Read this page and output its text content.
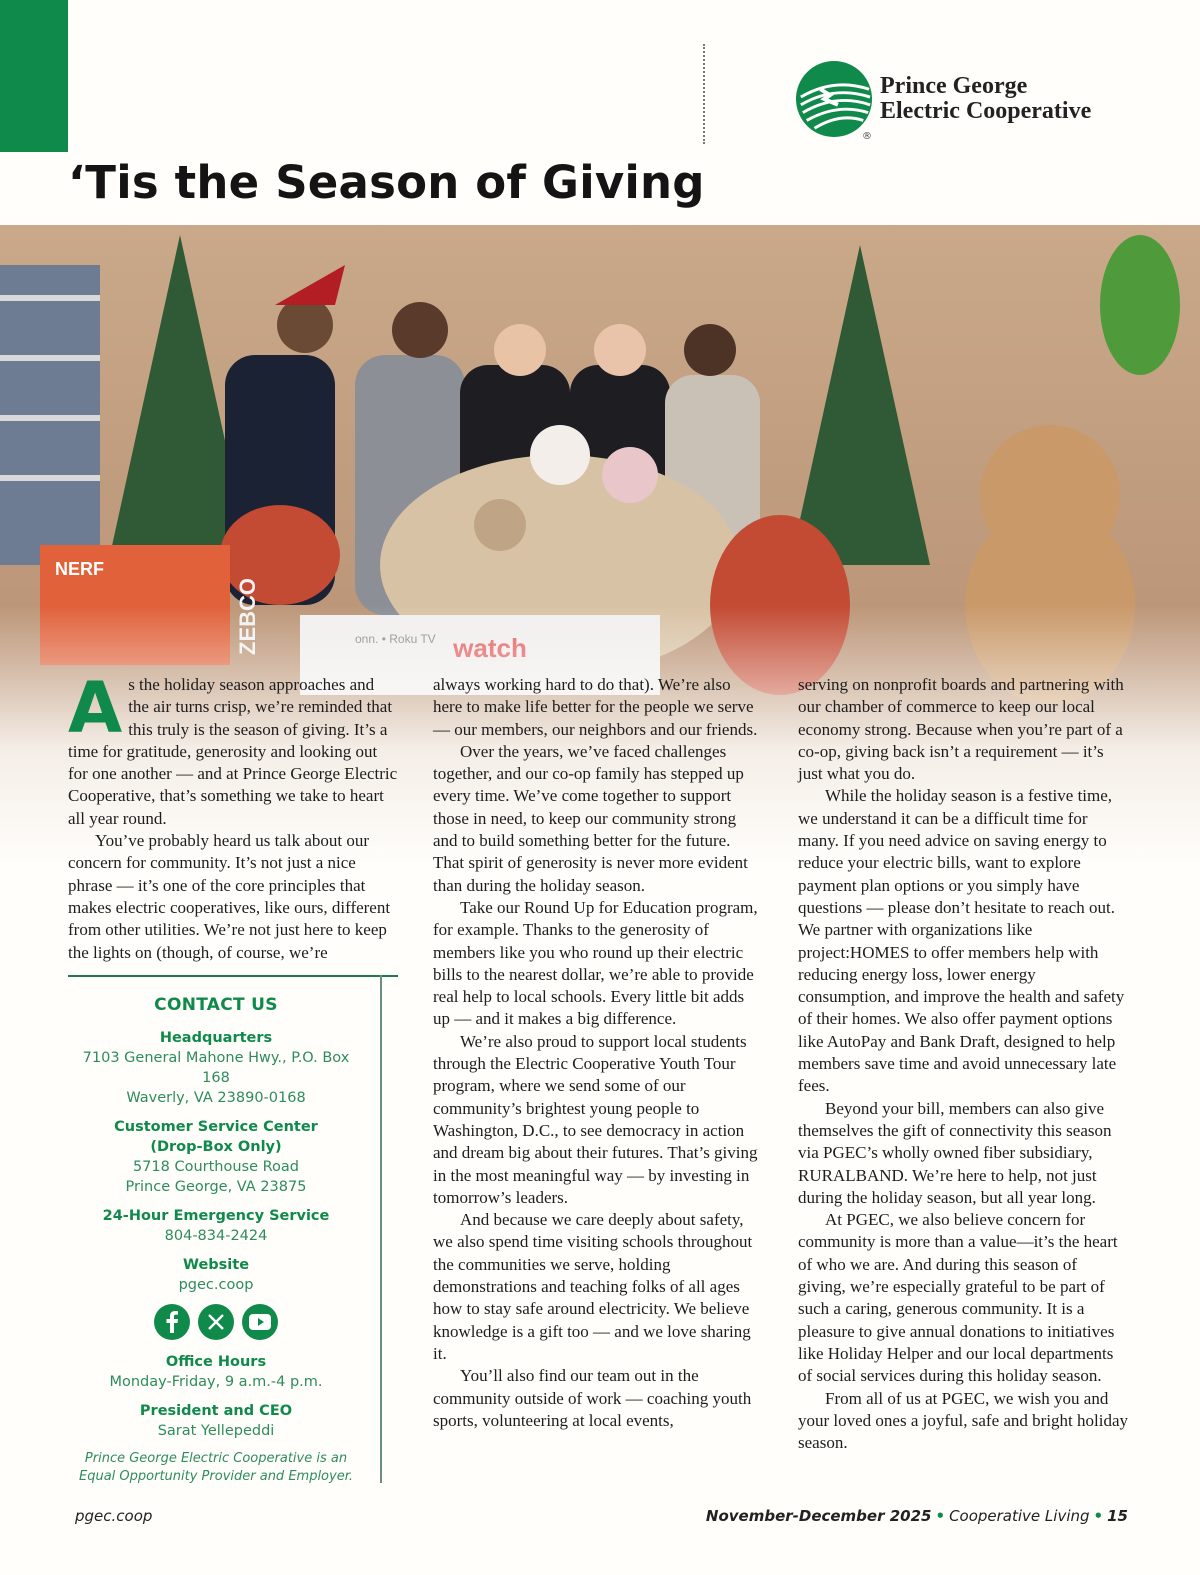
Prince George
Electric Cooperative
®
‘Tis the Season of Giving
NERF
A s the holiday season approaches and the air turns crisp, we’re reminded that this truly is the season of giving. It’s a time for gratitude, generosity and looking out for one another — and at Prince George Electric Cooperative, that’s something we take to heart all year round.

You’ve probably heard us talk about our concern for community. It’s not just a nice phrase — it’s one of the core principles that makes electric cooperatives, like ours, different from other utilities. We’re not just here to keep the lights on (though, of course, we’re

always working hard to do that). We’re also here to make life better for the people we serve — our members, our neighbors and our friends.

Over the years, we’ve faced challenges together, and our co-op family has stepped up every time. We’ve come together to support those in need, to keep our community strong and to build something better for the future. That spirit of generosity is never more evident than during the holiday season.

Take our Round Up for Education program, for example. Thanks to the generosity of members like you who round up their electric bills to the nearest dollar, we’re able to provide real help to local schools. Every little bit adds up — and it makes a big difference.

We’re also proud to support local students through the Electric Cooperative Youth Tour program, where we send some of our community’s brightest young people to Washington, D.C., to see democracy in action and dream big about their futures. That’s giving in the most meaningful way — by investing in tomorrow’s leaders.

And because we care deeply about safety, we also spend time visiting schools throughout the communities we serve, holding demonstrations and teaching folks of all ages how to stay safe around electricity. We believe knowledge is a gift too — and we love sharing it.

You’ll also find our team out in the community outside of work — coaching youth sports, volunteering at local events,

serving on nonprofit boards and partnering with our chamber of commerce to keep our local economy strong. Because when you’re part of a co-op, giving back isn’t a requirement — it’s just what you do.

While the holiday season is a festive time, we understand it can be a difficult time for many. If you need advice on saving energy to reduce your electric bills, want to explore payment plan options or you simply have questions — please don’t hesitate to reach out. We partner with organizations like project:HOMES to offer members help with reducing energy loss, lower energy consumption, and improve the health and safety of their homes. We also offer payment options like AutoPay and Bank Draft, designed to help members save time and avoid unnecessary late fees.

Beyond your bill, members can also give themselves the gift of connectivity this season via PGEC’s wholly owned fiber subsidiary, RURALBAND. We’re here to help, not just during the holiday season, but all year long.

At PGEC, we also believe concern for community is more than a value—it’s the heart of who we are. And during this season of giving, we’re especially grateful to be part of such a caring, generous community. It is a pleasure to give annual donations to initiatives like Holiday Helper and our local departments of social services during this holiday season.

From all of us at PGEC, we wish you and your loved ones a joyful, safe and bright holiday season.

CONTACT US
Headquarters
7103 General Mahone Hwy., P.O. Box 168
Waverly, VA 23890-0168
Customer Service Center
(Drop-Box Only)
5718 Courthouse Road
Prince George, VA 23875
24-Hour Emergency Service
804-834-2424
Website
pgec.coop
Office Hours
Monday-Friday, 9 a.m.-4 p.m.
President and CEO
Sarat Yellepeddi
Prince George Electric Cooperative is an
Equal Opportunity Provider and Employer.
pgec.coop	November-December 2025 • Cooperative Living • 15
